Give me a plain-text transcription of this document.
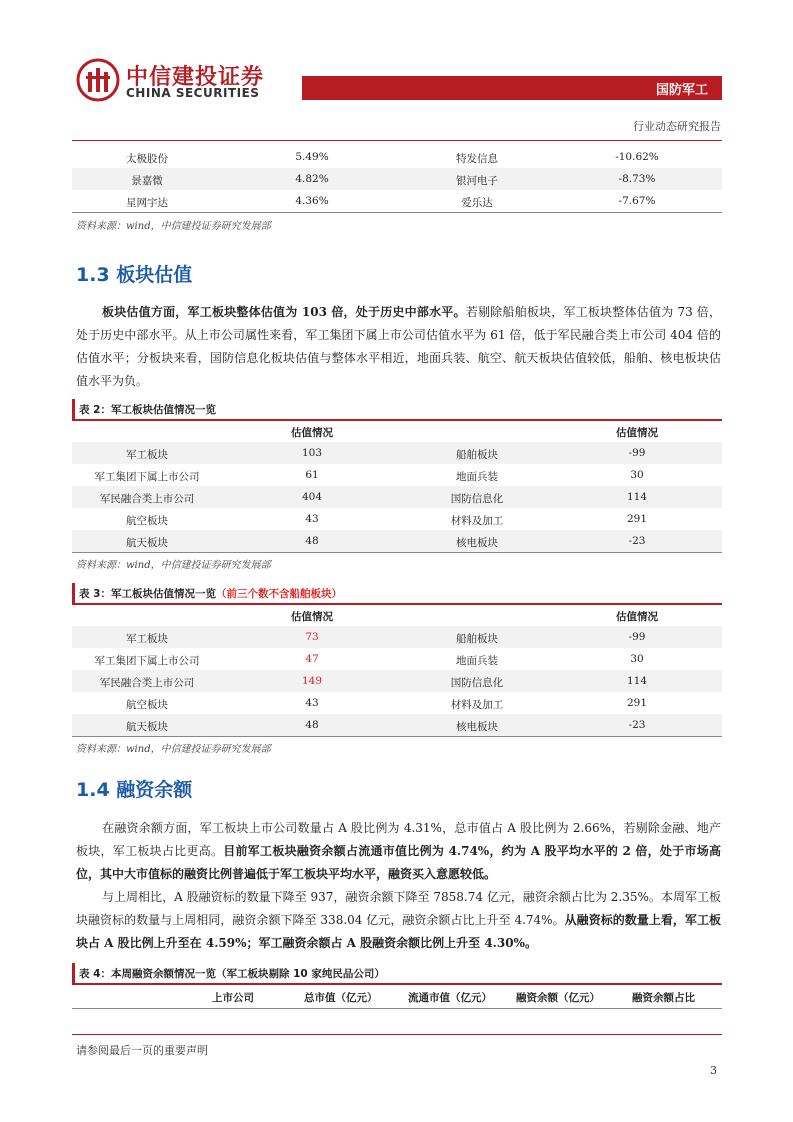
中信建投证券
CHINA SECURITIES	国防军工
行业动态研究报告
太极股份	5.49%	特发信息	-10.62%
景嘉微	4.82%	银河电子	-8.73%
星网宇达	4.36%	爱乐达	-7.67%
资料来源：wind，中信建投证券研究发展部
1.3 板块估值
板块估值方面，军工板块整体估值为 103 倍，处于历史中部水平。若剔除船舶板块，军工板块整体估值为 73 倍，处于历史中部水平。从上市公司属性来看，军工集团下属上市公司估值水平为 61 倍，低于军民融合类上市公司 404 倍的估值水平；分板块来看，国防信息化板块估值与整体水平相近，地面兵装、航空、航天板块估值较低，船舶、核电板块估值水平为负。
表 2：军工板块估值情况一览
估值情况	估值情况
军工板块	103	船舶板块	-99
军工集团下属上市公司	61	地面兵装	30
军民融合类上市公司	404	国防信息化	114
航空板块	43	材料及加工	291
航天板块	48	核电板块	-23
资料来源：wind，中信建投证券研究发展部
表 3：军工板块估值情况一览（前三个数不含船舶板块）
估值情况	估值情况
军工板块	73	船舶板块	-99
军工集团下属上市公司	47	地面兵装	30
军民融合类上市公司	149	国防信息化	114
航空板块	43	材料及加工	291
航天板块	48	核电板块	-23
资料来源：wind，中信建投证券研究发展部
1.4 融资余额
在融资余额方面，军工板块上市公司数量占 A 股比例为 4.31%，总市值占 A 股比例为 2.66%，若剔除金融、地产板块，军工板块占比更高。目前军工板块融资余额占流通市值比例为 4.74%，约为 A 股平均水平的 2 倍，处于市场高位，其中大市值标的融资比例普遍低于军工板块平均水平，融资买入意愿较低。
与上周相比，A 股融资标的数量下降至 937，融资余额下降至 7858.74 亿元，融资余额占比为 2.35%。本周军工板块融资标的数量与上周相同，融资余额下降至 338.04 亿元，融资余额占比上升至 4.74%。从融资标的数量上看，军工板块占 A 股比例上升至在 4.59%；军工融资余额占 A 股融资余额比例上升至 4.30%。
表 4：本周融资余额情况一览（军工板块剔除 10 家纯民品公司）
上市公司	总市值（亿元）	流通市值（亿元） 融资余额（亿元）	融资余额占比
请参阅最后一页的重要声明
3
